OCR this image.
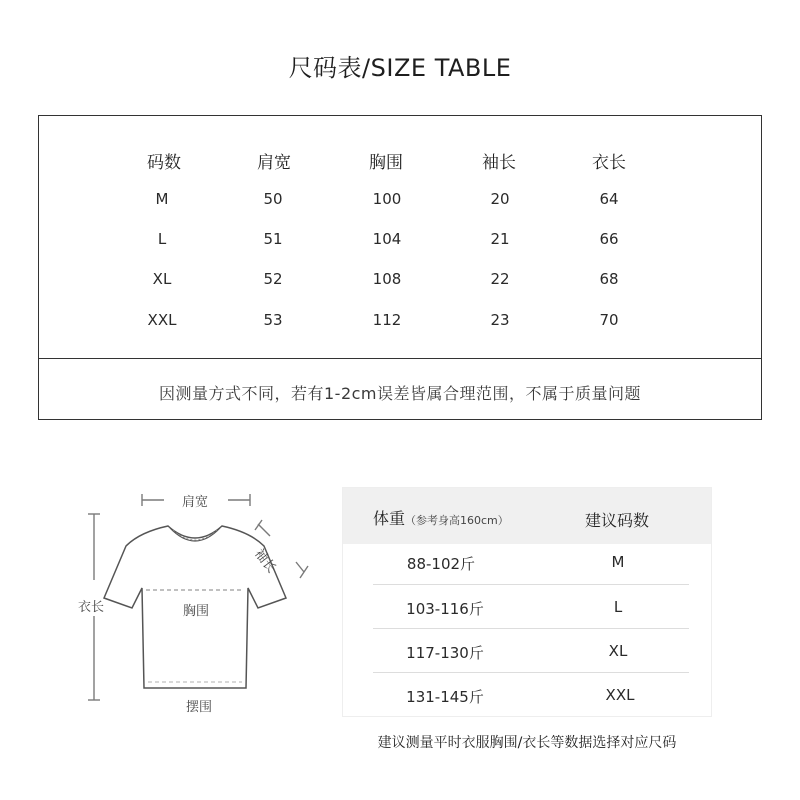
尺码表/SIZE TABLE
码数	肩宽	胸围	袖长	衣长
M	50	100	20	64
L	51	104	21	66
XL	52	108	22	68
XXL	53	112	23	70
因测量方式不同，若有1-2cm误差皆属合理范围，不属于质量问题
肩宽
衣长	胸围
摆围
袖长
体重（参考身高160cm）	建议码数
88-102斤	M
103-116斤	L
117-130斤	XL
131-145斤	XXL
建议测量平时衣服胸围/衣长等数据选择对应尺码
